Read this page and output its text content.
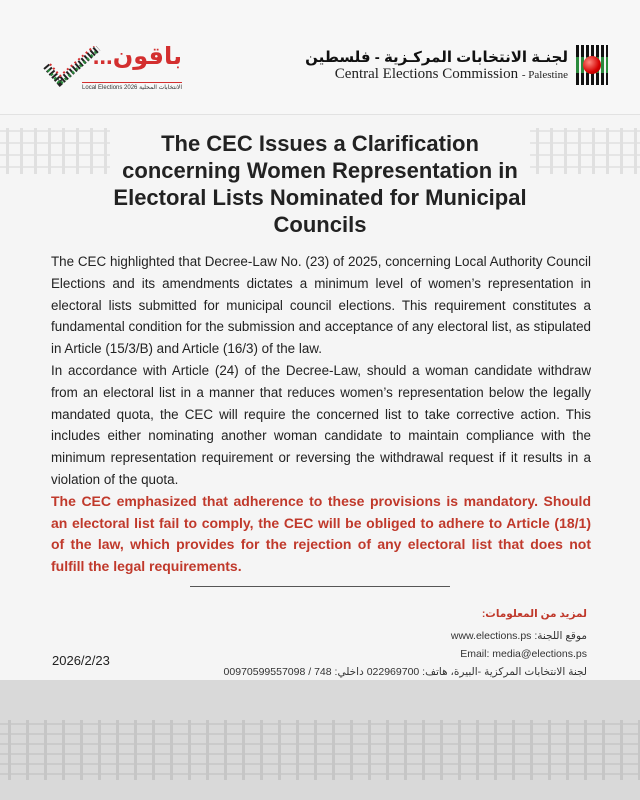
باقون...
Local Elections 2026 الانتخابات المحلية
لجنـة الانتخابات المركـزية - فلسطين
Central Elections Commission - Palestine
The CEC Issues a Clarification concerning Women Representation in Electoral Lists Nominated for Municipal Councils

The CEC highlighted that Decree-Law No. (23) of 2025, concerning Local Authority Council Elections and its amendments dictates a minimum level of women’s representation in electoral lists submitted for municipal council elections. This requirement constitutes a fundamental condition for the submission and acceptance of any electoral list, as stipulated in Article (15/3/B) and Article (16/3) of the law.

In accordance with Article (24) of the Decree-Law, should a woman candidate withdraw from an electoral list in a manner that reduces women’s representation below the legally mandated quota, the CEC will require the concerned list to take corrective action. This includes either nominating another woman candidate to maintain compliance with the minimum representation requirement or reversing the withdrawal request if it results in a violation of the quota.

The CEC emphasized that adherence to these provisions is mandatory. Should an electoral list fail to comply, the CEC will be obliged to adhere to Article (18/1) of the law, which provides for the rejection of any electoral list that does not fulfill the legal requirements.

لمزيد من المعلومات:
موقع اللجنة: www.elections.ps
Email: media@elections.ps
لجنة الانتخابات المركزية -البيرة، هاتف: 022969700 داخلي: 748 / 00970599557098
2026/2/23
